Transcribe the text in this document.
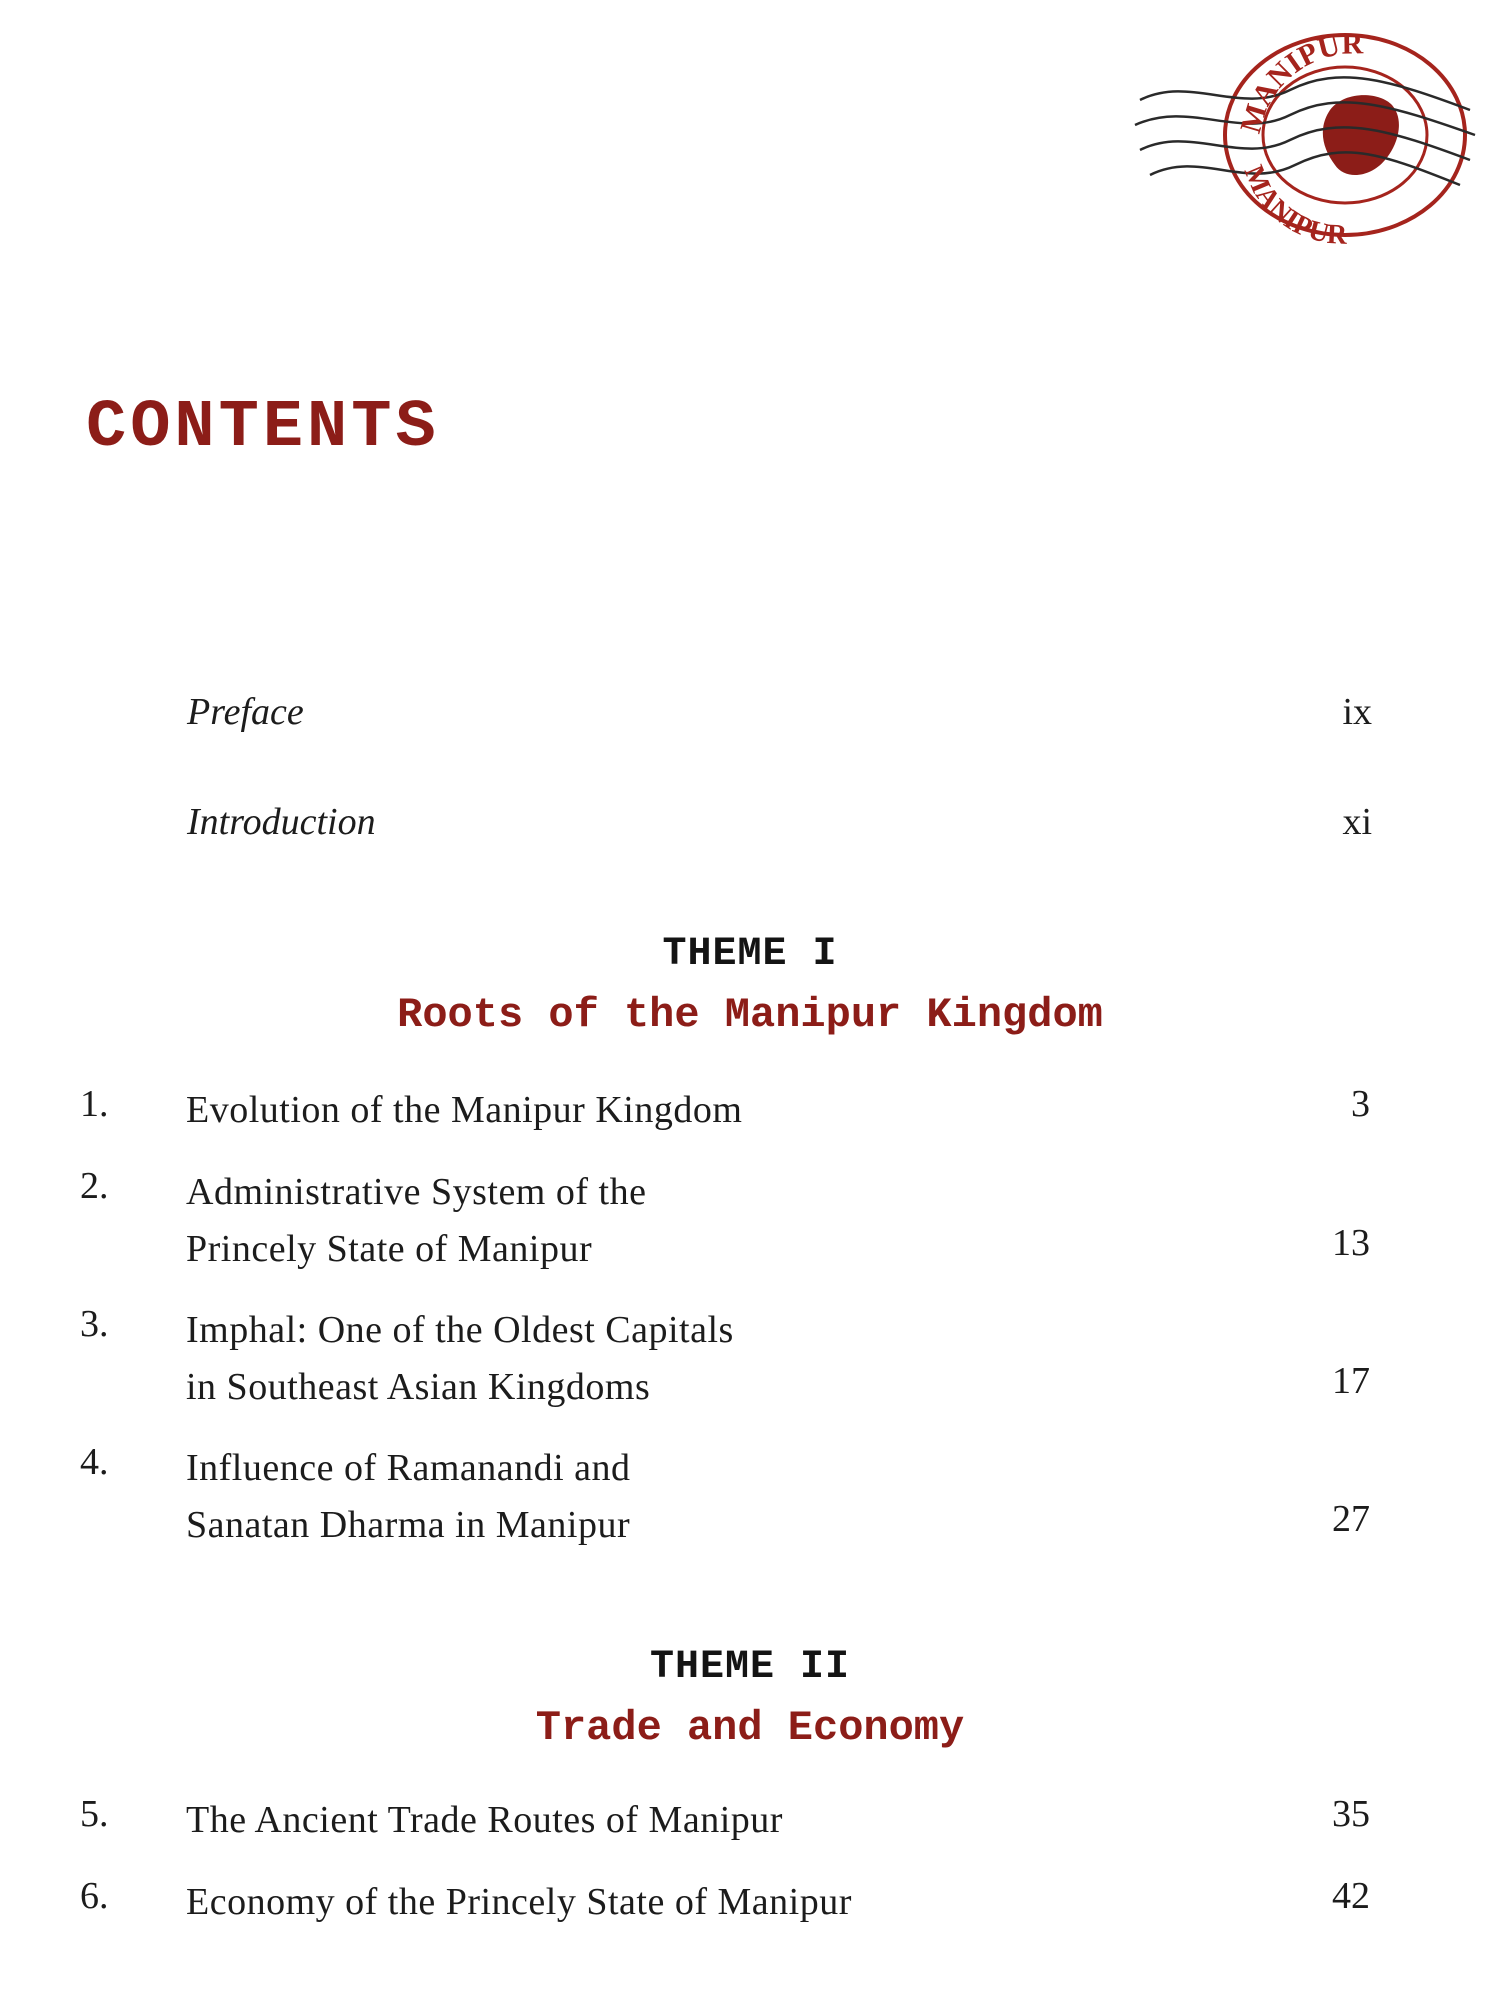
MANIPUR
MANIPUR
CONTENTS
Preface	ix
Introduction	xi
THEME I
Roots of the Manipur Kingdom
1. Evolution of the Manipur Kingdom	3
2. Administrative System of the
Princely State of Manipur	13
3. Imphal: One of the Oldest Capitals
in Southeast Asian Kingdoms	17
4. Influence of Ramanandi and
Sanatan Dharma in Manipur	27
THEME II
Trade and Economy
5. The Ancient Trade Routes of Manipur	35
6. Economy of the Princely State of Manipur	42
